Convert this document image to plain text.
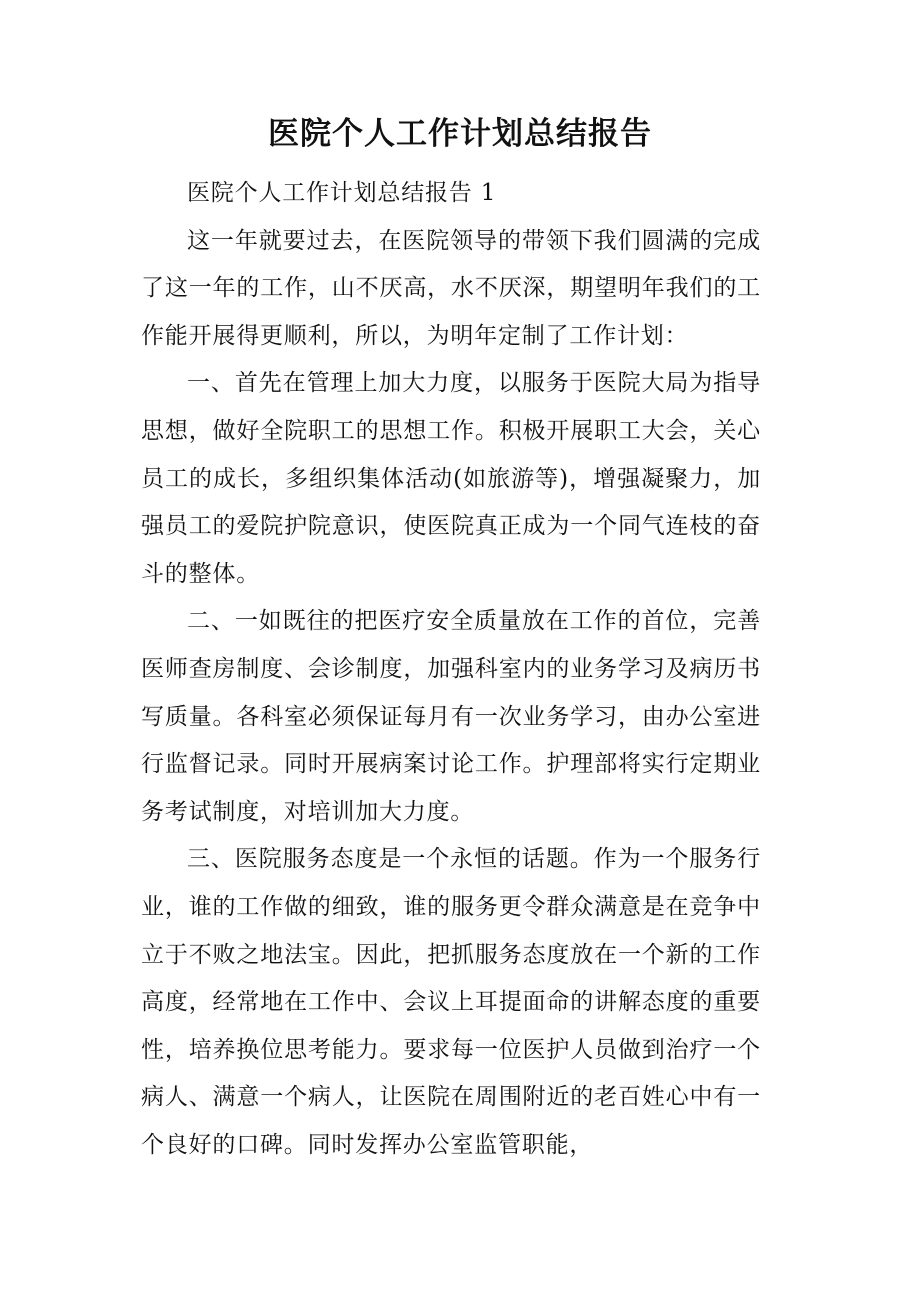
医院个人工作计划总结报告

医院个人工作计划总结报告 1

这一年就要过去，在医院领导的带领下我们圆满的完成了这一年的工作，山不厌高，水不厌深，期望明年我们的工作能开展得更顺利，所以，为明年定制了工作计划：

一、首先在管理上加大力度，以服务于医院大局为指导思想，做好全院职工的思想工作。积极开展职工大会，关心员工的成长，多组织集体活动(如旅游等)，增强凝聚力，加强员工的爱院护院意识，使医院真正成为一个同气连枝的奋斗的整体。

二、一如既往的把医疗安全质量放在工作的首位，完善医师查房制度、会诊制度，加强科室内的业务学习及病历书写质量。各科室必须保证每月有一次业务学习，由办公室进行监督记录。同时开展病案讨论工作。护理部将实行定期业务考试制度，对培训加大力度。

三、医院服务态度是一个永恒的话题。作为一个服务行业，谁的工作做的细致，谁的服务更令群众满意是在竞争中立于不败之地法宝。因此，把抓服务态度放在一个新的工作高度，经常地在工作中、会议上耳提面命的讲解态度的重要性，培养换位思考能力。要求每一位医护人员做到治疗一个病人、满意一个病人，让医院在周围附近的老百姓心中有一个良好的口碑。同时发挥办公室监管职能，
